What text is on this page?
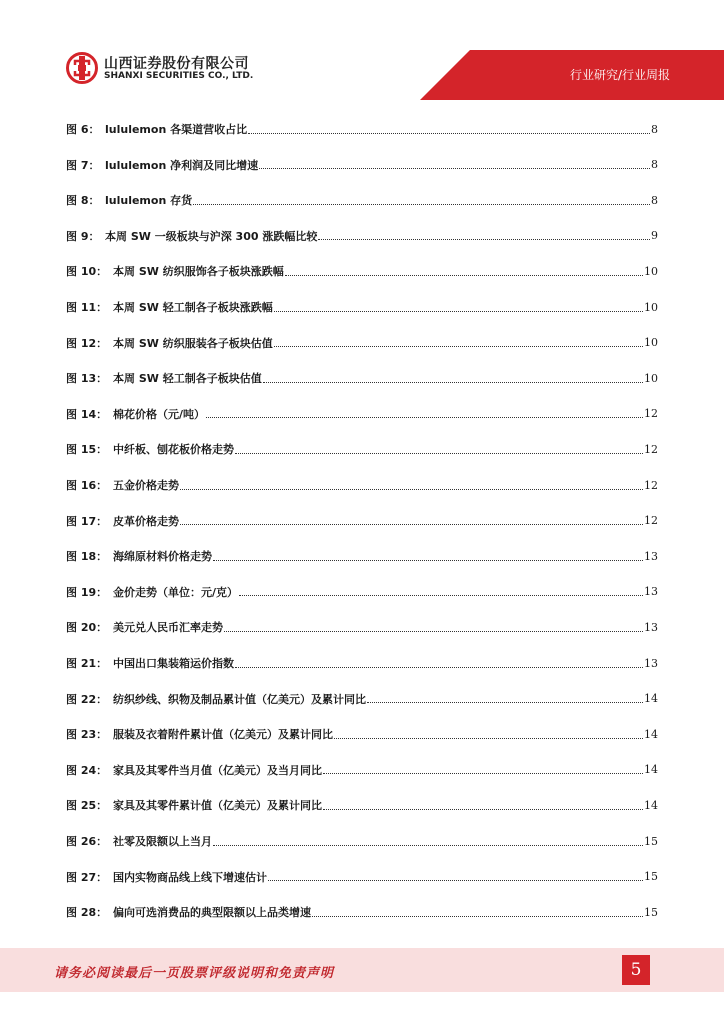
山西证券股份有限公司
SHANXI SECURITIES CO., LTD.	行业研究/行业周报
图 6： lululemon 各渠道营收占比	8
图 7： lululemon 净利润及同比增速	8
图 8： lululemon 存货	8
图 9： 本周 SW 一级板块与沪深 300 涨跌幅比较	9
图 10： 本周 SW 纺织服饰各子板块涨跌幅	10
图 11： 本周 SW 轻工制各子板块涨跌幅	10
图 12： 本周 SW 纺织服装各子板块估值	10
图 13： 本周 SW 轻工制各子板块估值	10
图 14： 棉花价格（元/吨）	12
图 15： 中纤板、刨花板价格走势	12
图 16： 五金价格走势	12
图 17： 皮革价格走势	12
图 18： 海绵原材料价格走势	13
图 19： 金价走势（单位：元/克）	13
图 20： 美元兑人民币汇率走势	13
图 21： 中国出口集装箱运价指数	13
图 22： 纺织纱线、织物及制品累计值（亿美元）及累计同比	14
图 23： 服装及衣着附件累计值（亿美元）及累计同比	14
图 24： 家具及其零件当月值（亿美元）及当月同比	14
图 25： 家具及其零件累计值（亿美元）及累计同比	14
图 26： 社零及限额以上当月	15
图 27： 国内实物商品线上线下增速估计	15
图 28： 偏向可选消费品的典型限额以上品类增速	15
请务必阅读最后一页股票评级说明和免责声明	5
